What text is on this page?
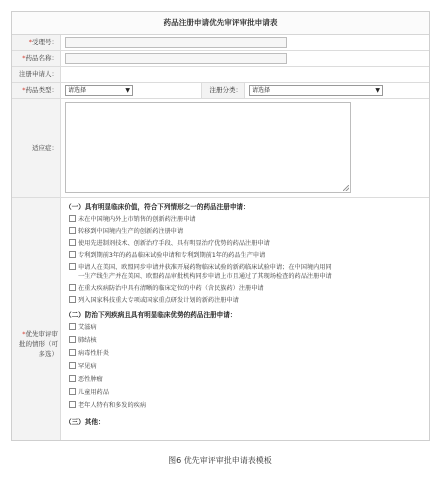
药品注册申请优先审评审批申请表
*受理号：
*药品名称：
注册申请人：
*药品类型：	请选择	▼	注册分类：	请选择	▼
适应症：
*优先审评审
批的情形（可
多选）
（一）具有明显临床价值，符合下列情形之一的药品注册申请：
未在中国境内外上市销售的创新药注册申请
转移到中国境内生产的创新药注册申请
使用先进制剂技术、创新治疗手段、具有明显治疗优势的药品注册申请
专利到期前3年的药品临床试验申请和专利到期前1年的药品生产申请
申请人在美国、欧盟同步申请并获准开展药物临床试验的新药临床试验申请；在中国境内用同
一生产线生产并在美国、欧盟药品审批机构同步申请上市且通过了其现场检查的药品注册申请
在重大疾病防治中具有清晰的临床定位的中药（含民族药）注册申请
列入国家科技重大专项或国家重点研发计划的新药注册申请
（二）防治下列疾病且具有明显临床优势的药品注册申请：
艾滋病
肺结核
病毒性肝炎
罕见病
恶性肿瘤
儿童用药品
老年人特有和多发的疾病
（三）其他：
图6 优先审评审批申请表模板
